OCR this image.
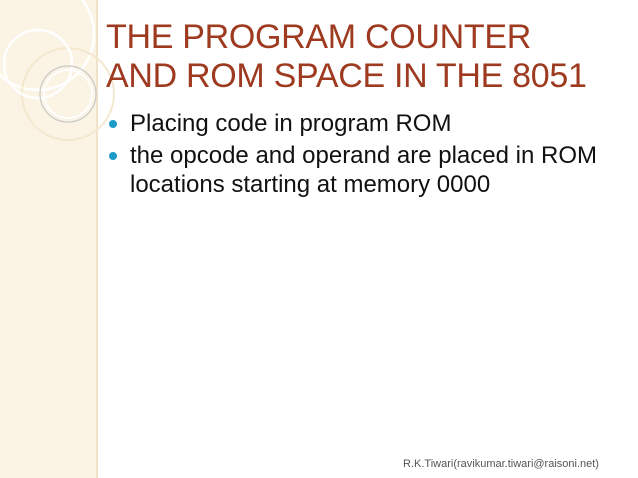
THE PROGRAM COUNTER
AND ROM SPACE IN THE 8051
Placing code in program ROM
the opcode and operand are placed in ROM locations starting at memory 0000
R.K.Tiwari(ravikumar.tiwari@raisoni.net)
